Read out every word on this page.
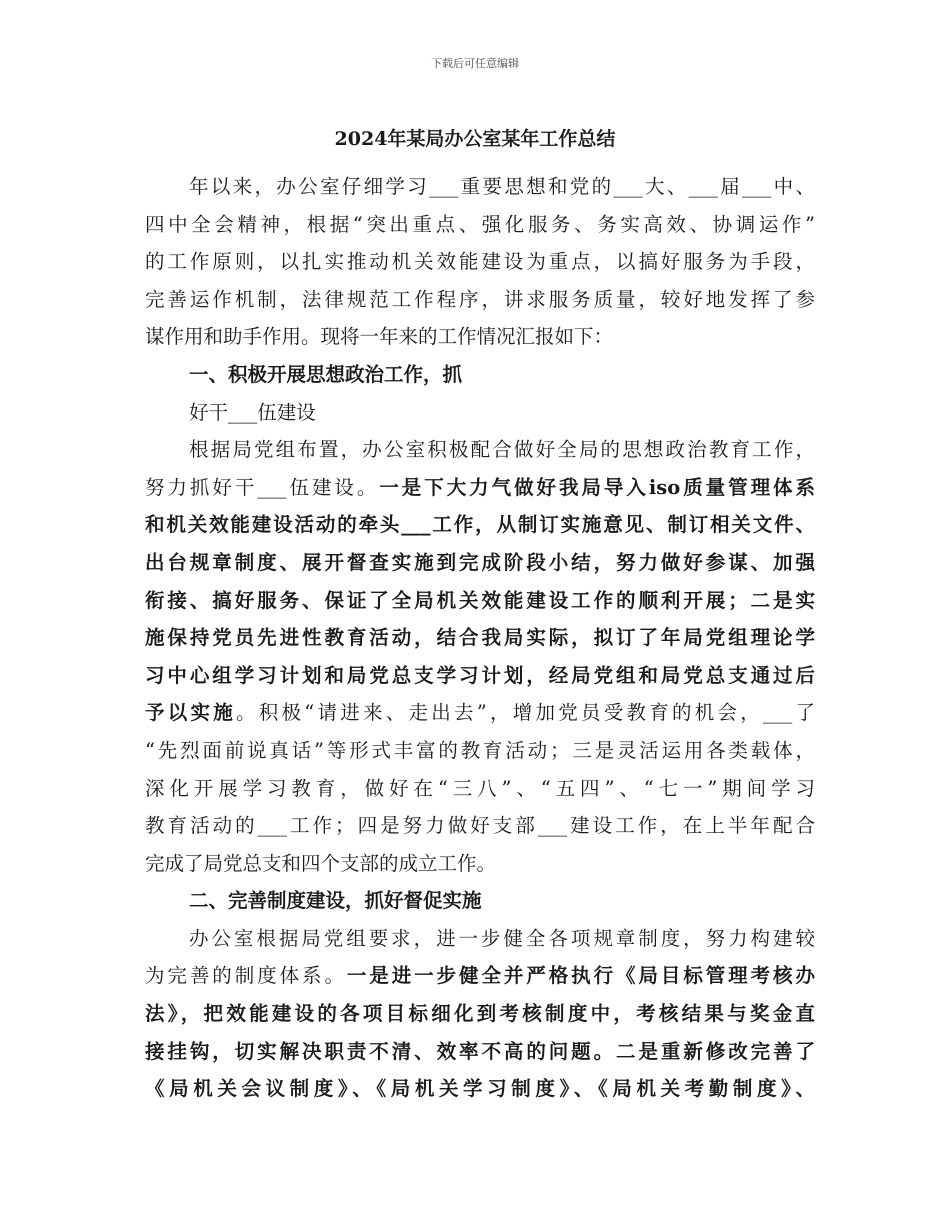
下载后可任意编辑
2024年某局办公室某年工作总结
年以来，办公室仔细学习___重要思想和党的___大、___届___中、
四中全会精神，根据“突出重点、强化服务、务实高效、协调运作”
的工作原则，以扎实推动机关效能建设为重点，以搞好服务为手段，
完善运作机制，法律规范工作程序，讲求服务质量，较好地发挥了参
谋作用和助手作用。现将一年来的工作情况汇报如下：
一、积极开展思想政治工作，抓
好干___伍建设
根据局党组布置，办公室积极配合做好全局的思想政治教育工作，
努力抓好干___伍建设。一是下大力气做好我局导入iso质量管理体系
和机关效能建设活动的牵头___工作，从制订实施意见、制订相关文件、
出台规章制度、展开督查实施到完成阶段小结，努力做好参谋、加强
衔接、搞好服务、保证了全局机关效能建设工作的顺利开展；二是实
施保持党员先进性教育活动，结合我局实际，拟订了年局党组理论学
习中心组学习计划和局党总支学习计划，经局党组和局党总支通过后
予以实施。积极“请进来、走出去”，增加党员受教育的机会，___了
“先烈面前说真话”等形式丰富的教育活动；三是灵活运用各类载体，
深化开展学习教育，做好在“三八”、“五四”、“七一”期间学习
教育活动的___工作；四是努力做好支部___建设工作，在上半年配合
完成了局党总支和四个支部的成立工作。
二、完善制度建设，抓好督促实施
办公室根据局党组要求，进一步健全各项规章制度，努力构建较
为完善的制度体系。一是进一步健全并严格执行《局目标管理考核办
法》，把效能建设的各项目标细化到考核制度中，考核结果与奖金直
接挂钩，切实解决职责不清、效率不高的问题。二是重新修改完善了
《局机关会议制度》、《局机关学习制度》、《局机关考勤制度》、
